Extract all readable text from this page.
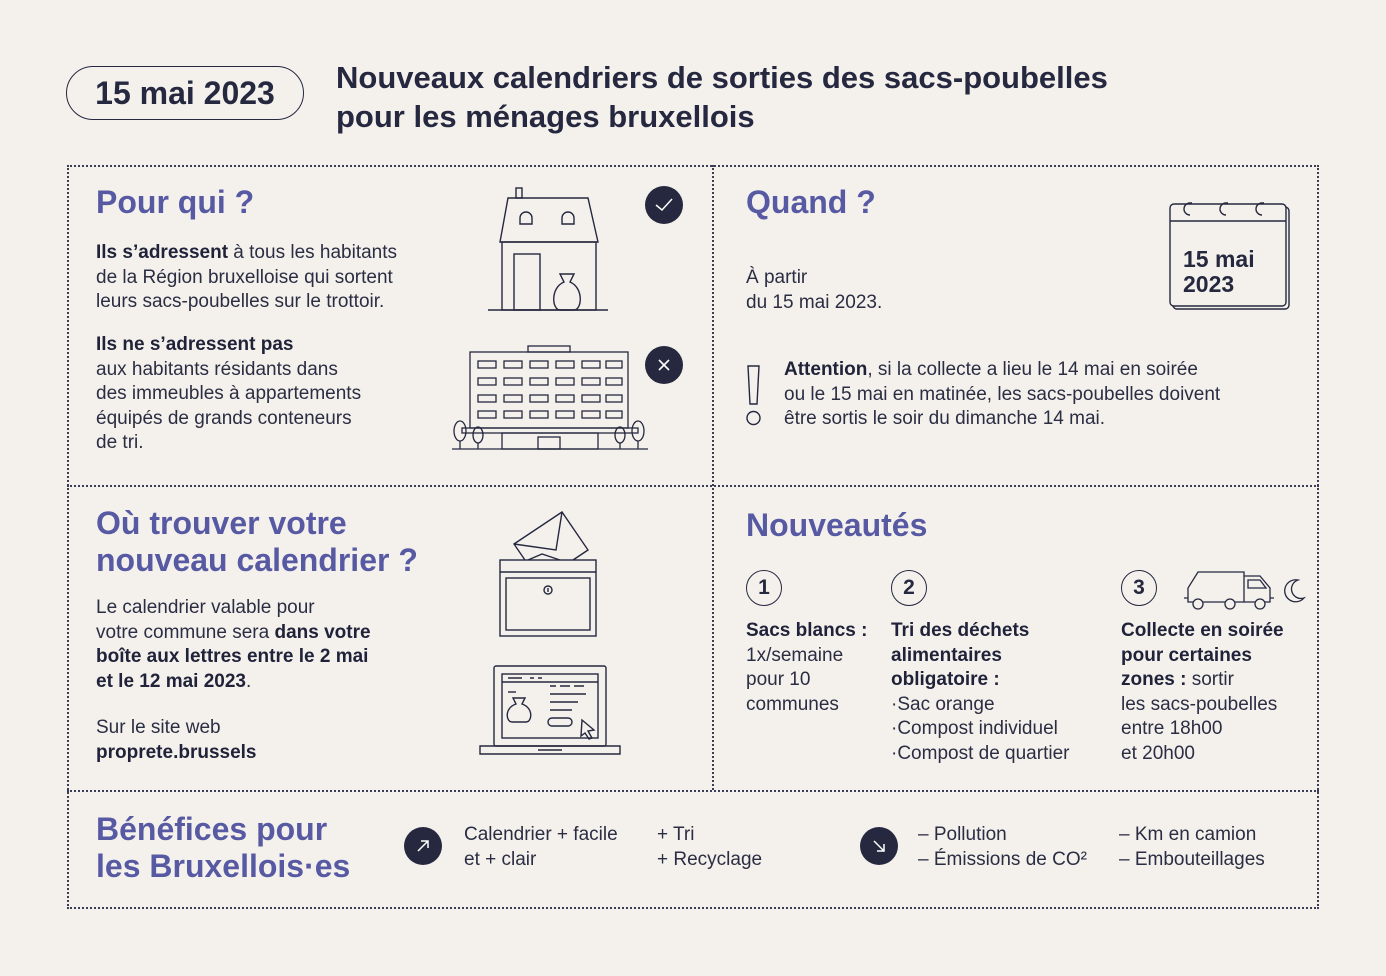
15 mai 2023	Nouveaux calendriers de sorties des sacs-poubelles
pour les ménages bruxellois
Pour qui ?
Ils s’adressent à tous les habitants
de la Région bruxelloise qui sortent
leurs sacs-poubelles sur le trottoir.
Ils ne s’adressent pas
aux habitants résidants dans
des immeubles à appartements
équipés de grands conteneurs
de tri.
Quand ?
À partir
du 15 mai 2023.
15 mai
2023
Attention, si la collecte a lieu le 14 mai en soirée
ou le 15 mai en matinée, les sacs-poubelles doivent
être sortis le soir du dimanche 14 mai.
Où trouver votre
nouveau calendrier ?
Le calendrier valable pour
votre commune sera dans votre
boîte aux lettres entre le 2 mai
et le 12 mai 2023.
Sur le site web
proprete.brussels
Nouveautés
1
Sacs blancs :
1x/semaine
pour 10
communes
2
Tri des déchets
alimentaires
obligatoire :
·Sac orange
·Compost individuel
·Compost de quartier
3
Collecte en soirée
pour certaines
zones : sortir
les sacs-poubelles
entre 18h00
et 20h00
Bénéfices pour
les Bruxellois·es
Calendrier + facile
et + clair
+ Tri
+ Recyclage
– Pollution
– Émissions de CO²
– Km en camion
– Embouteillages
